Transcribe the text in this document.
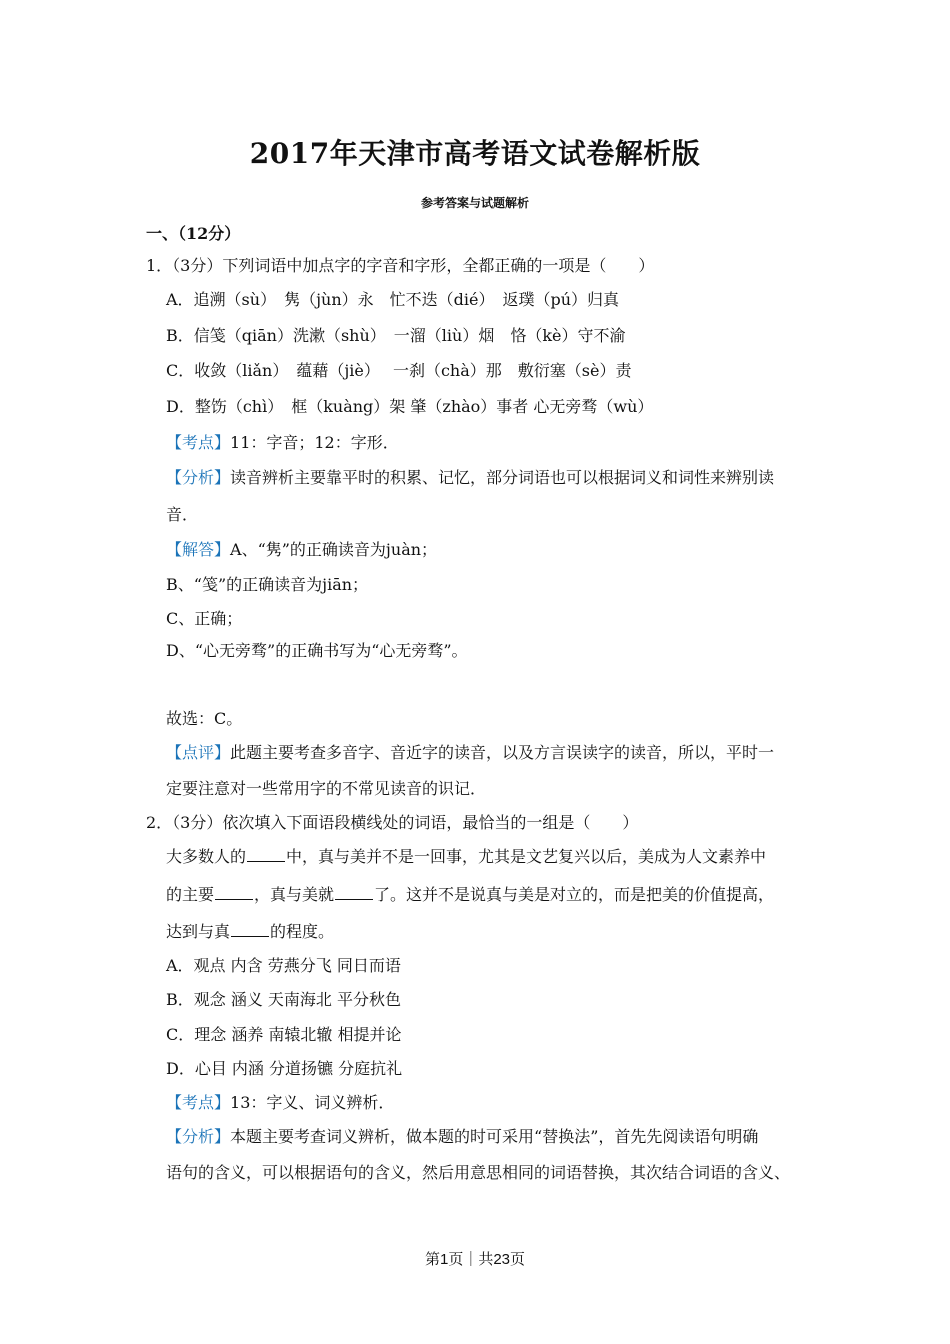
2017年天津市高考语文试卷解析版
参考答案与试题解析
一、（12分）
1．（3分）下列词语中加点字的字音和字形，全都正确的一项是（　　）
A．追溯（sù）　隽（jùn）永　忙不迭（dié）　返璞（pú）归真
B．信笺（qiān）洗漱（shù）　一溜（liù）烟　恪（kè）守不渝
C．收敛（liǎn）　蕴藉（jiè）　 一刹（chà）那　敷衍塞（sè）责
D．整饬（chì）　框（kuàng）架 肇（zhào）事者 心无旁骛（wù）
【考点】11：字音；12：字形．
【分析】读音辨析主要靠平时的积累、记忆，部分词语也可以根据词义和词性来辨别读
音．
【解答】A、“隽”的正确读音为juàn；
B、“笺”的正确读音为jiān；
C、正确；
D、“心无旁骛”的正确书写为“心无旁骛”。
故选：C。
【点评】此题主要考查多音字、音近字的读音，以及方言误读字的读音，所以，平时一
定要注意对一些常用字的不常见读音的识记．
2．（3分）依次填入下面语段横线处的词语，最恰当的一组是（　　）
大多数人的	中，真与美并不是一回事，尤其是文艺复兴以后，美成为人文素养中
的主要	，真与美就	了。这并不是说真与美是对立的，而是把美的价值提高，
达到与真	的程度。
A．观点 内含 劳燕分飞 同日而语
B．观念 涵义 天南海北 平分秋色
C．理念 涵养 南辕北辙 相提并论
D．心目 内涵 分道扬镳 分庭抗礼
【考点】13：字义、词义辨析．
【分析】本题主要考查词义辨析，做本题的时可采用“替换法”，首先先阅读语句明确
语句的含义，可以根据语句的含义，然后用意思相同的词语替换，其次结合词语的含义、
第1页｜共23页
